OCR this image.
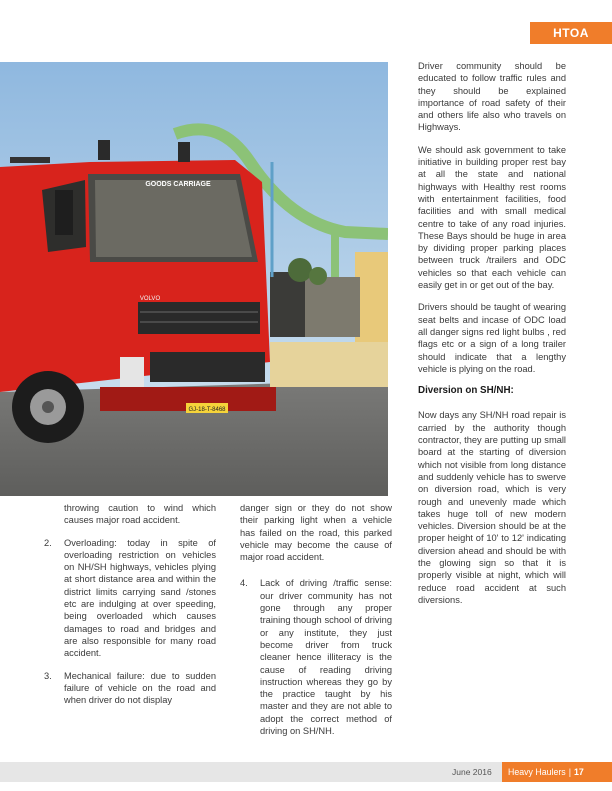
HTOA
GOODS CARRIAGE
VOLVO
GJ-18-T-8468
throwing caution to wind which causes major road accident.
2.	Overloading: today in spite of overloading restriction on vehicles on NH/SH highways, vehicles plying at short distance area and within the district limits carrying sand /stones etc are indulging at over speeding, being overloaded which causes damages to road and bridges and are also responsible for many road accident.
3.	Mechanical failure: due to sudden failure of vehicle on the road and when driver do not display

danger sign or they do not show their parking light when a vehicle has failed on the road, this parked vehicle may become the cause of major road accident.

4.	Lack of driving /traffic sense: our driver community has not gone through any proper training though school of driving or any institute, they just become driver from truck cleaner hence illiteracy is the cause of reading driving instruction whereas they go by the practice taught by his master and they are not able to adopt the correct method of driving on SH/NH.

Driver community should be educated to follow traffic rules and they should be explained importance of road safety of their and others life also who travels on Highways.

We should ask government to take initiative in building proper rest bay at all the state and national highways with Healthy rest rooms with entertainment facilities, food facilities and with small medical centre to take of any road injuries. These Bays should be huge in area by dividing proper parking places between truck /trailers and ODC vehicles so that each vehicle can easily get in or get out of the bay.

Drivers should be taught of wearing seat belts and incase of ODC load all danger signs red light bulbs , red flags etc or a sign of a long trailer should indicate that a lengthy vehicle is plying on the road.

Diversion on SH/NH:

Now days any SH/NH road repair is carried by the authority though contractor, they are putting up small board at the starting of diversion which not visible from long distance and suddenly vehicle has to swerve on diversion road, which is very rough and unevenly made which takes huge toll of new modern vehicles. Diversion should be at the proper height of 10' to 12' indicating diversion ahead and should be with the glowing sign so that it is properly visible at night, which will reduce road accident at such diversions.

June 2016	Heavy Haulers | 17
